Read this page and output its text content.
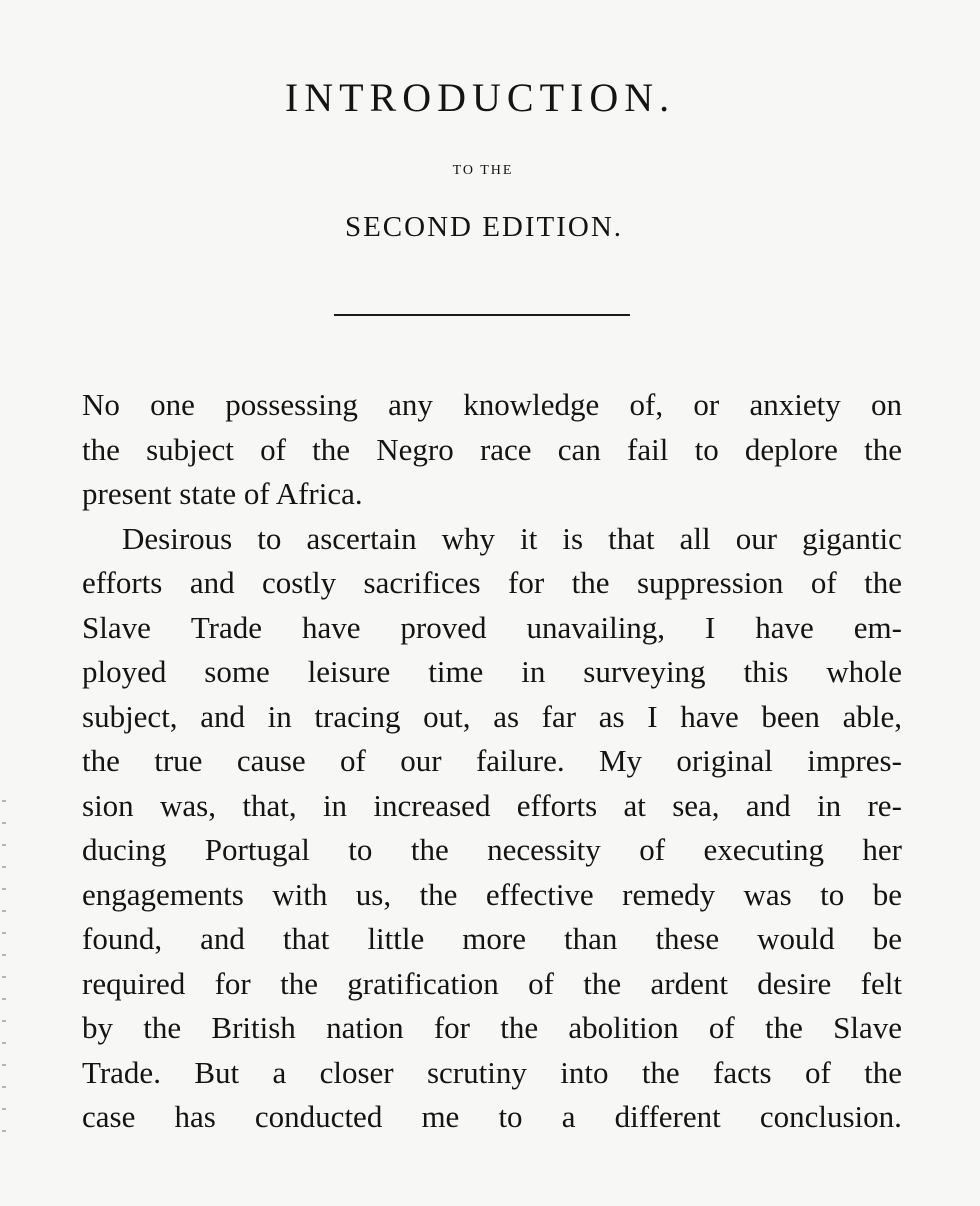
INTRODUCTION.
TO THE
SECOND EDITION.
No one possessing any knowledge of, or anxiety on
the subject of the Negro race can fail to deplore the
present state of Africa.
Desirous to ascertain why it is that all our gigantic
efforts and costly sacrifices for the suppression of the
Slave Trade have proved unavailing, I have em-
ployed some leisure time in surveying this whole
subject, and in tracing out, as far as I have been able,
the true cause of our failure. My original impres-
sion was, that, in increased efforts at sea, and in re-
ducing Portugal to the necessity of executing her
engagements with us, the effective remedy was to be
found, and that little more than these would be
required for the gratification of the ardent desire felt
by the British nation for the abolition of the Slave
Trade. But a closer scrutiny into the facts of the
case has conducted me to a different conclusion.
